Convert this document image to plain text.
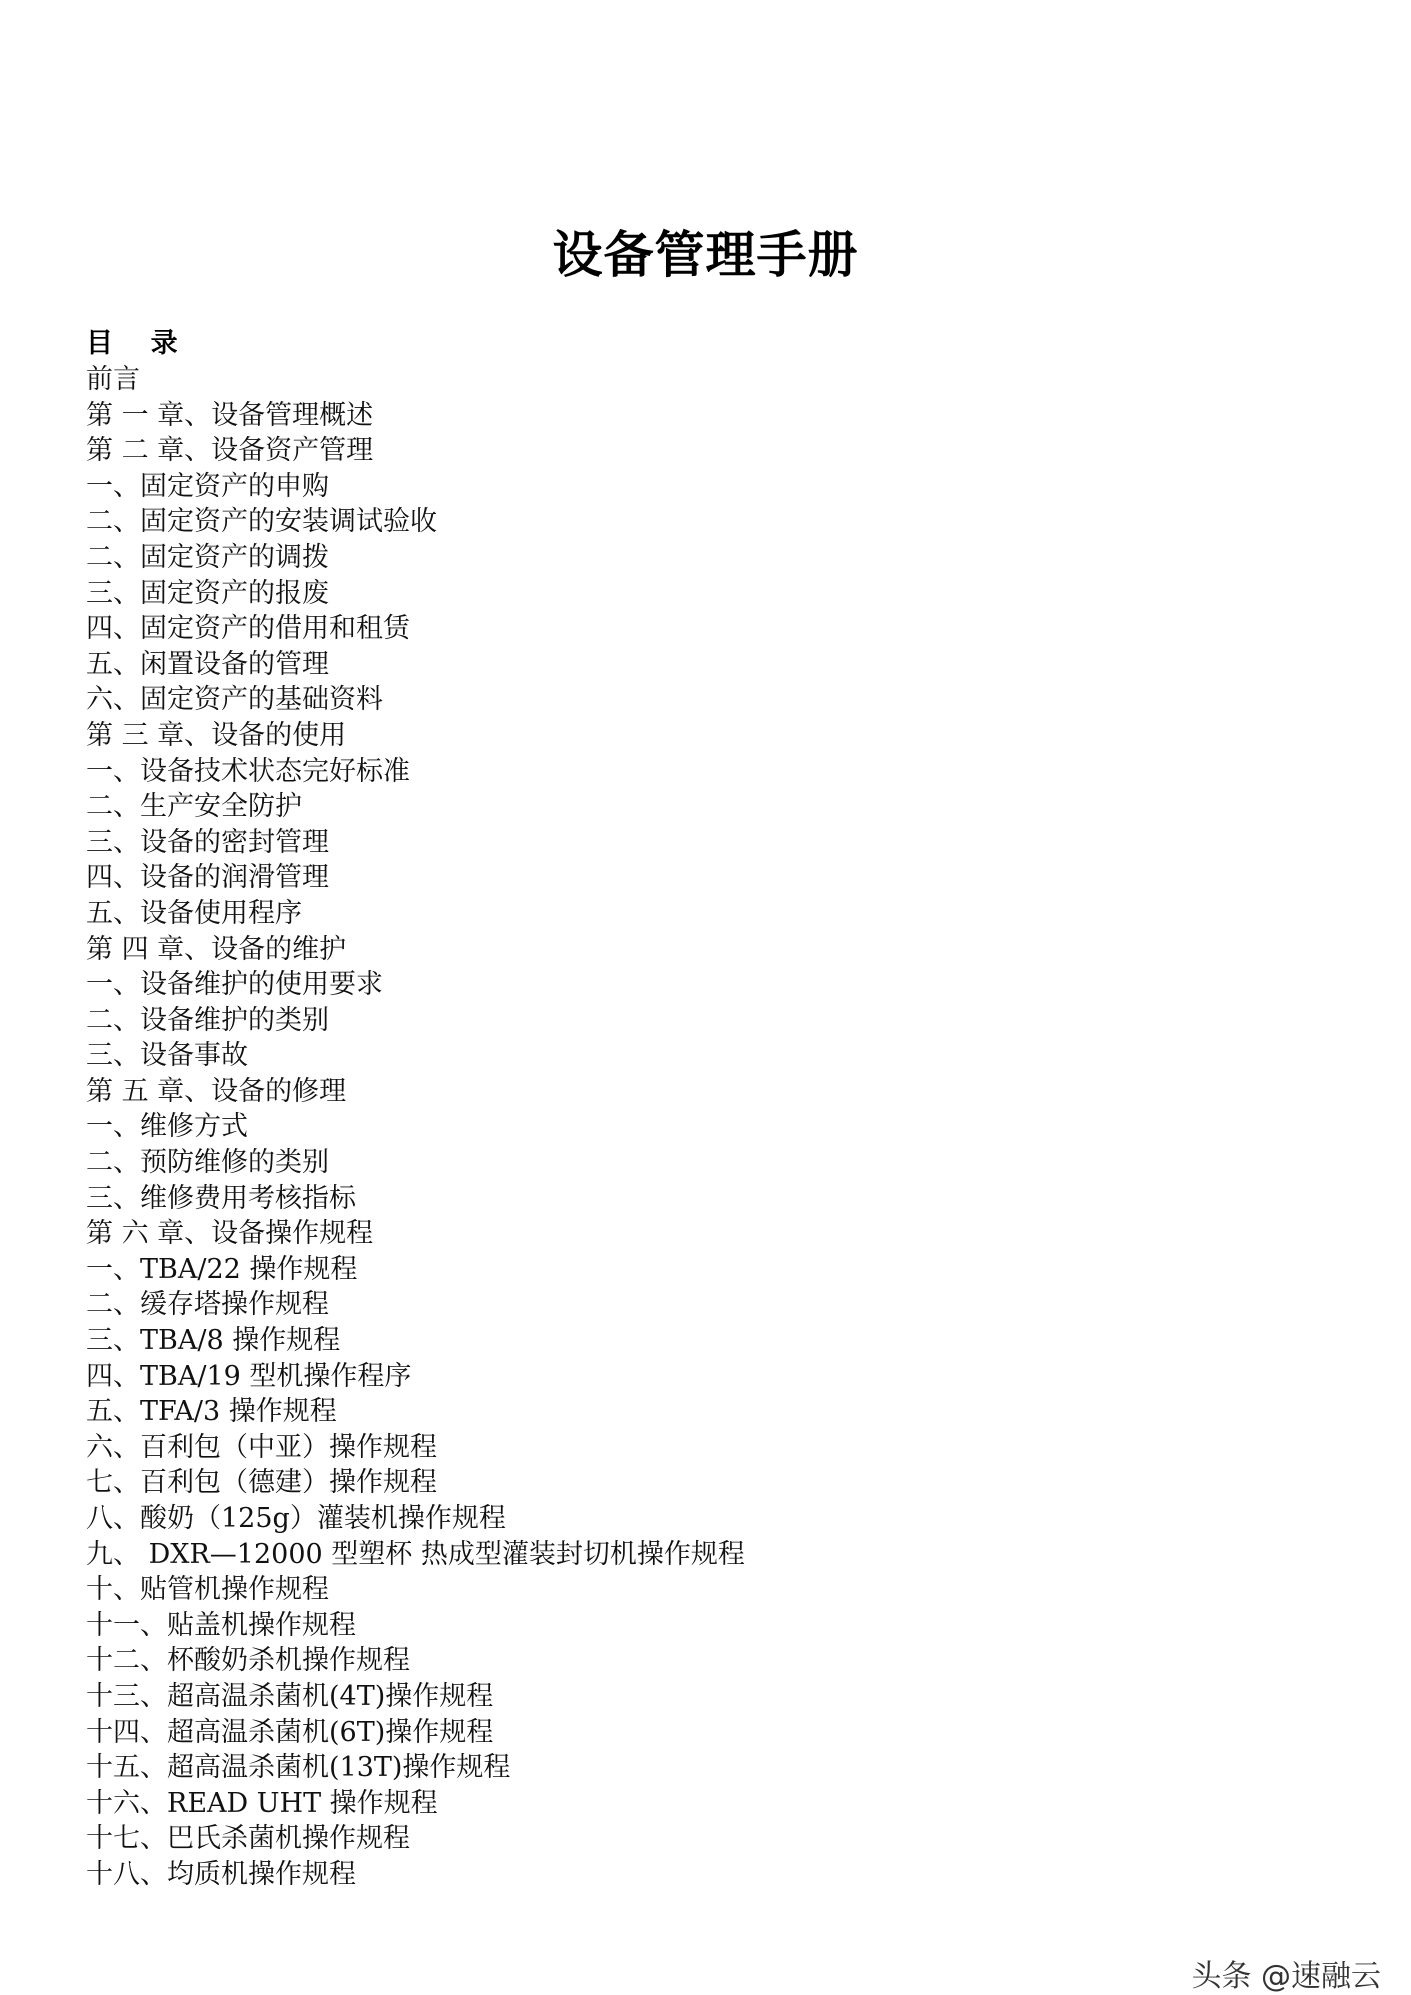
设备管理手册
目    录
前言
第 一 章、设备管理概述
第 二 章、设备资产管理
一、固定资产的申购
二、固定资产的安装调试验收
二、固定资产的调拨
三、固定资产的报废
四、固定资产的借用和租赁
五、闲置设备的管理
六、固定资产的基础资料
第 三 章、设备的使用
一、设备技术状态完好标准
二、生产安全防护
三、设备的密封管理
四、设备的润滑管理
五、设备使用程序
第 四 章、设备的维护
一、设备维护的使用要求
二、设备维护的类别
三、设备事故
第 五 章、设备的修理
一、维修方式
二、预防维修的类别
三、维修费用考核指标
第 六 章、设备操作规程
一、TBA/22 操作规程
二、缓存塔操作规程
三、TBA/8 操作规程
四、TBA/19 型机操作程序
五、TFA/3 操作规程
六、百利包（中亚）操作规程
七、百利包（德建）操作规程
八、酸奶（125g）灌装机操作规程
九、 DXR—12000 型塑杯 热成型灌装封切机操作规程
十、贴管机操作规程
十一、贴盖机操作规程
十二、杯酸奶杀机操作规程
十三、超高温杀菌机(4T)操作规程
十四、超高温杀菌机(6T)操作规程
十五、超高温杀菌机(13T)操作规程
十六、READ UHT 操作规程
十七、巴氏杀菌机操作规程
十八、均质机操作规程
头条 @速融云
